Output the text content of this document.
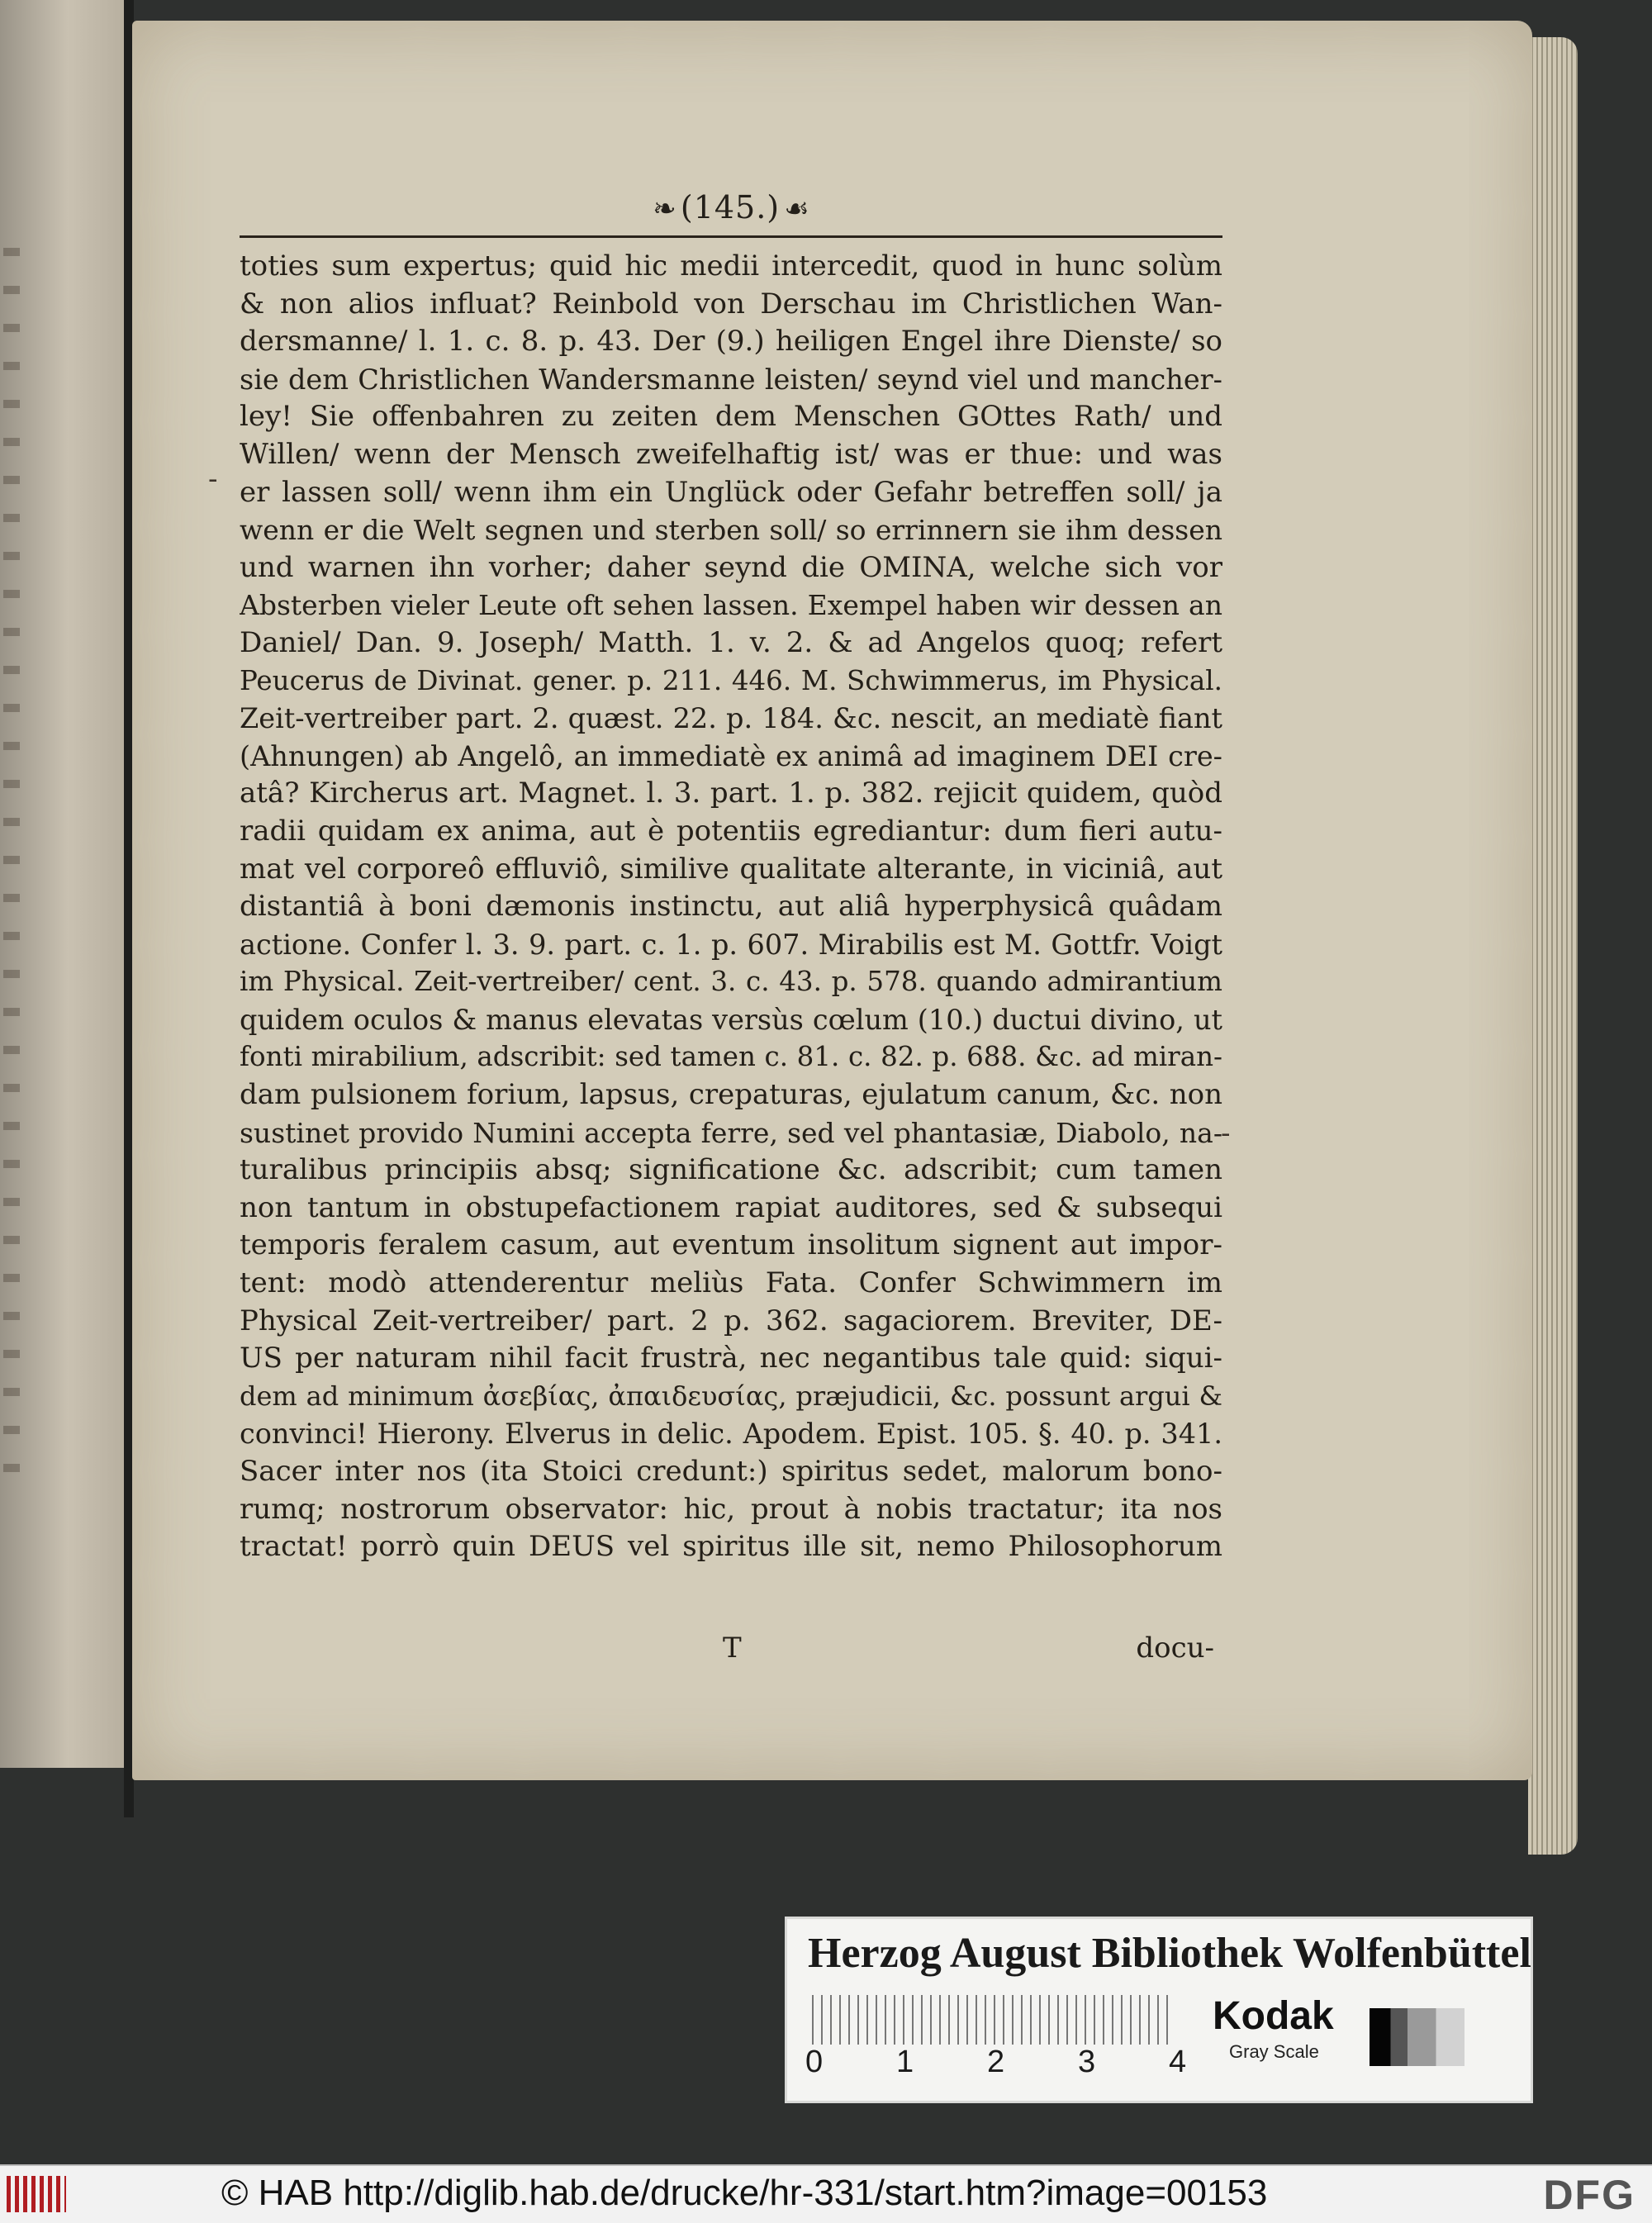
❧ (145.) ☙
-
-
toties sum expertus; quid hic medii intercedit, quod in hunc solùm
& non alios influat? Reinbold von Derschau im Christlichen Wan-
dersmanne/ l. 1. c. 8. p. 43. Der (9.) heiligen Engel ihre Dienste/ so
sie dem Christlichen Wandersmanne leisten/ seynd viel und mancher-
ley! Sie offenbahren zu zeiten dem Menschen GOttes Rath/ und
Willen/ wenn der Mensch zweifelhaftig ist/ was er thue: und was
er lassen soll/ wenn ihm ein Unglück oder Gefahr betreffen soll/ ja
wenn er die Welt segnen und sterben soll/ so errinnern sie ihm dessen
und warnen ihn vorher; daher seynd die OMINA, welche sich vor
Absterben vieler Leute oft sehen lassen. Exempel haben wir dessen an
Daniel/ Dan. 9. Joseph/ Matth. 1. v. 2. & ad Angelos quoq; refert
Peucerus de Divinat. gener. p. 211. 446. M. Schwimmerus, im Physical.
Zeit-vertreiber part. 2. quæst. 22. p. 184. &c. nescit, an mediatè fiant
(Ahnungen) ab Angelô, an immediatè ex animâ ad imaginem DEI cre-
atâ? Kircherus art. Magnet. l. 3. part. 1. p. 382. rejicit quidem, quòd
radii quidam ex anima, aut è potentiis egrediantur: dum fieri autu-
mat vel corporeô effluviô, similive qualitate alterante, in viciniâ, aut
distantiâ à boni dæmonis instinctu, aut aliâ hyperphysicâ quâdam
actione. Confer l. 3. 9. part. c. 1. p. 607. Mirabilis est M. Gottfr. Voigt
im Physical. Zeit-vertreiber/ cent. 3. c. 43. p. 578. quando admirantium
quidem oculos & manus elevatas versùs cœlum (10.) ductui divino, ut
fonti mirabilium, adscribit: sed tamen c. 81. c. 82. p. 688. &c. ad miran-
dam pulsionem forium, lapsus, crepaturas, ejulatum canum, &c. non
sustinet provido Numini accepta ferre, sed vel phantasiæ, Diabolo, na-
turalibus principiis absq; significatione &c. adscribit; cum tamen
non tantum in obstupefactionem rapiat auditores, sed & subsequi
temporis feralem casum, aut eventum insolitum signent aut impor-
tent: modò attenderentur meliùs Fata. Confer Schwimmern im
Physical Zeit-vertreiber/ part. 2 p. 362. sagaciorem. Breviter, DE-
US per naturam nihil facit frustrà, nec negantibus tale quid: siqui-
dem ad minimum ἀσεβίας, ἀπαιδευσίας, præjudicii, &c. possunt argui &
convinci! Hierony. Elverus in delic. Apodem. Epist. 105. §. 40. p. 341.
Sacer inter nos (ita Stoici credunt:) spiritus sedet, malorum bono-
rumq; nostrorum observator: hic, prout à nobis tractatur; ita nos
tractat! porrò quin DEUS vel spiritus ille sit, nemo Philosophorum
T	docu-
Herzog August Bibliothek Wolfenbüttel
0 1 2 3 4
Kodak
Gray Scale
© HAB http://diglib.hab.de/drucke/hr-331/start.htm?image=00153	DFG
